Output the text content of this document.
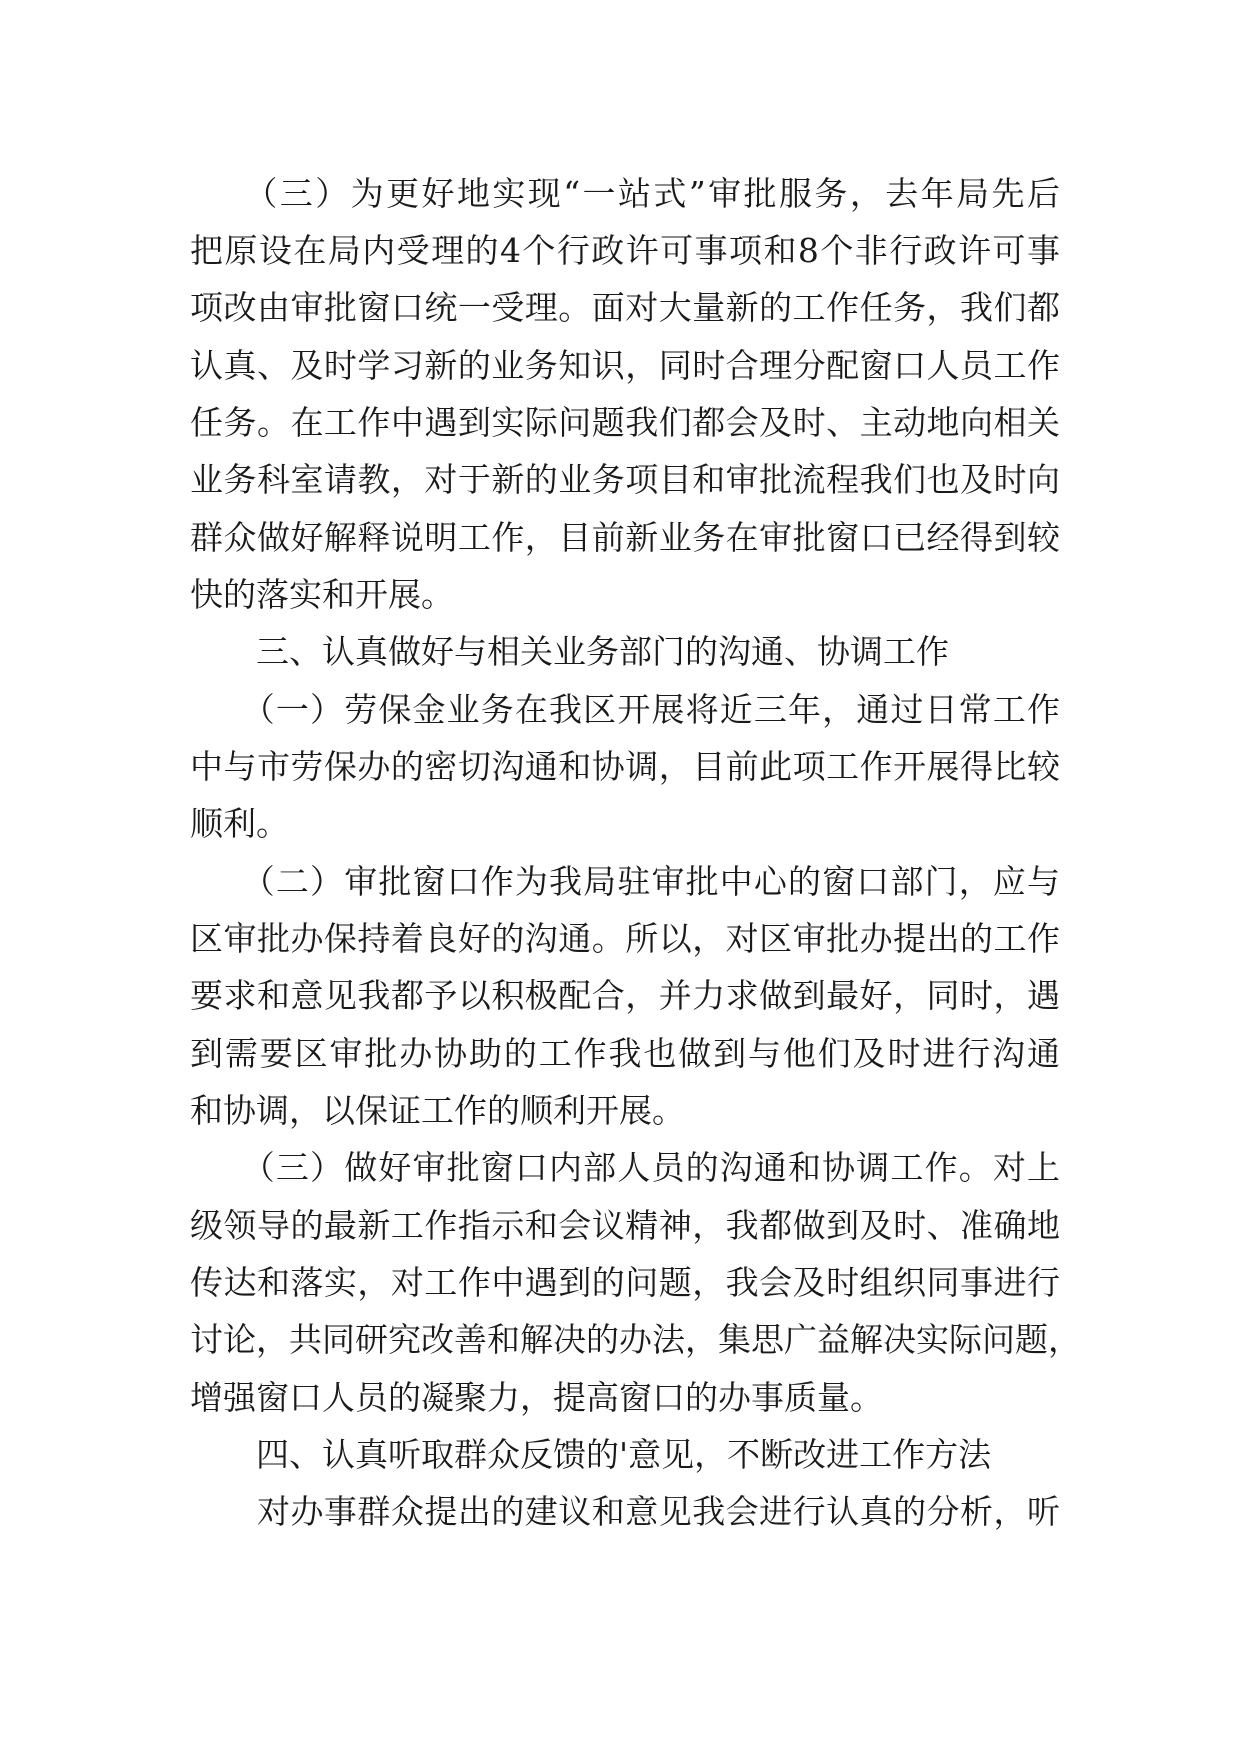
　　（三）为更好地实现“一站式”审批服务，去年局先后
把原设在局内受理的4个行政许可事项和8个非行政许可事
项改由审批窗口统一受理。面对大量新的工作任务，我们都
认真、及时学习新的业务知识，同时合理分配窗口人员工作
任务。在工作中遇到实际问题我们都会及时、主动地向相关
业务科室请教，对于新的业务项目和审批流程我们也及时向
群众做好解释说明工作，目前新业务在审批窗口已经得到较
快的落实和开展。
　　三、认真做好与相关业务部门的沟通、协调工作
　　（一）劳保金业务在我区开展将近三年，通过日常工作
中与市劳保办的密切沟通和协调，目前此项工作开展得比较
顺利。
　　（二）审批窗口作为我局驻审批中心的窗口部门，应与
区审批办保持着良好的沟通。所以，对区审批办提出的工作
要求和意见我都予以积极配合，并力求做到最好，同时，遇
到需要区审批办协助的工作我也做到与他们及时进行沟通
和协调，以保证工作的顺利开展。
　　（三）做好审批窗口内部人员的沟通和协调工作。对上
级领导的最新工作指示和会议精神，我都做到及时、准确地
传达和落实，对工作中遇到的问题，我会及时组织同事进行
讨论，共同研究改善和解决的办法，集思广益解决实际问题，
增强窗口人员的凝聚力，提高窗口的办事质量。
　　四、认真听取群众反馈的'意见，不断改进工作方法
　　对办事群众提出的建议和意见我会进行认真的分析，听
